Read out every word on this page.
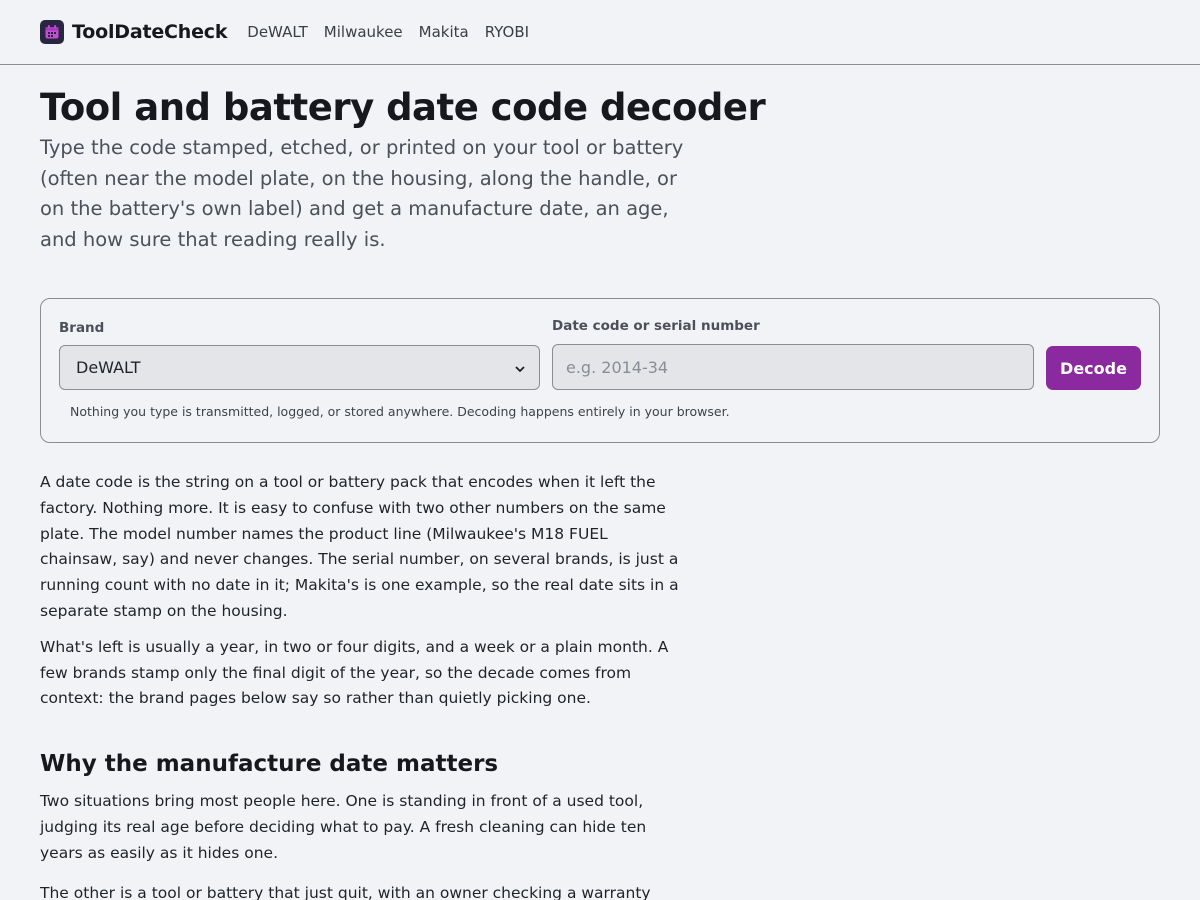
ToolDateCheck DeWALT Milwaukee Makita RYOBI
Tool and battery date code decoder

Type the code stamped, etched, or printed on your tool or battery (often near the model plate, on the housing, along the handle, or on the battery's own label) and get a manufacture date, an age, and how sure that reading really is.

Brand
DeWALT
Date code or serial number
e.g. 2014-34
Decode
Nothing you type is transmitted, logged, or stored anywhere. Decoding happens entirely in your browser.

A date code is the string on a tool or battery pack that encodes when it left the factory. Nothing more. It is easy to confuse with two other numbers on the same plate. The model number names the product line (Milwaukee's M18 FUEL chainsaw, say) and never changes. The serial number, on several brands, is just a running count with no date in it; Makita's is one example, so the real date sits in a separate stamp on the housing.

What's left is usually a year, in two or four digits, and a week or a plain month. A few brands stamp only the final digit of the year, so the decade comes from context: the brand pages below say so rather than quietly picking one.

Why the manufacture date matters

Two situations bring most people here. One is standing in front of a used tool, judging its real age before deciding what to pay. A fresh cleaning can hide ten years as easily as it hides one.

The other is a tool or battery that just quit, with an owner checking a warranty
